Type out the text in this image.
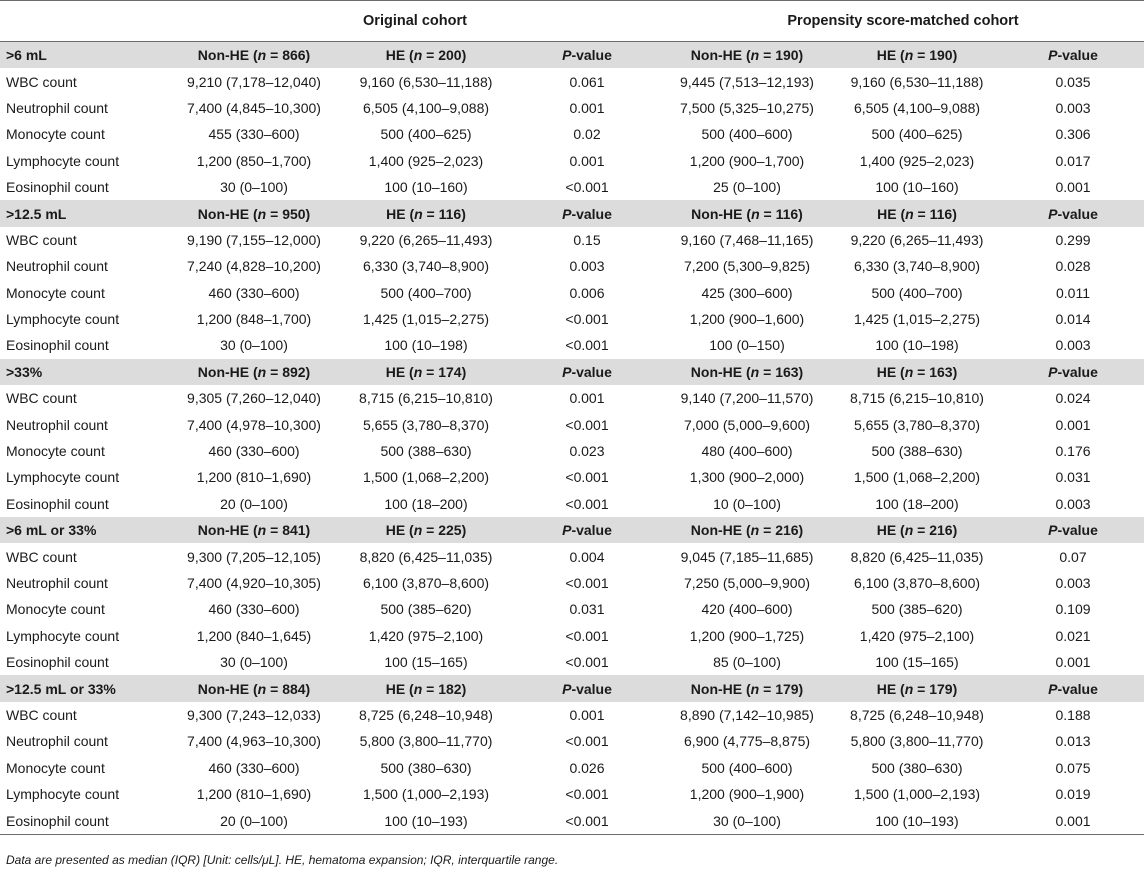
	Original cohort			Propensity score-matched cohort		
>6 mL	Non-HE (n = 866)	HE (n = 200)	P-value	Non-HE (n = 190)	HE (n = 190)	P-value
WBC count	9,210 (7,178–12,040)	9,160 (6,530–11,188)	0.061	9,445 (7,513–12,193)	9,160 (6,530–11,188)	0.035
Neutrophil count	7,400 (4,845–10,300)	6,505 (4,100–9,088)	0.001	7,500 (5,325–10,275)	6,505 (4,100–9,088)	0.003
Monocyte count	455 (330–600)	500 (400–625)	0.02	500 (400–600)	500 (400–625)	0.306
Lymphocyte count	1,200 (850–1,700)	1,400 (925–2,023)	0.001	1,200 (900–1,700)	1,400 (925–2,023)	0.017
Eosinophil count	30 (0–100)	100 (10–160)	<0.001	25 (0–100)	100 (10–160)	0.001
>12.5 mL	Non-HE (n = 950)	HE (n = 116)	P-value	Non-HE (n = 116)	HE (n = 116)	P-value
WBC count	9,190 (7,155–12,000)	9,220 (6,265–11,493)	0.15	9,160 (7,468–11,165)	9,220 (6,265–11,493)	0.299
Neutrophil count	7,240 (4,828–10,200)	6,330 (3,740–8,900)	0.003	7,200 (5,300–9,825)	6,330 (3,740–8,900)	0.028
Monocyte count	460 (330–600)	500 (400–700)	0.006	425 (300–600)	500 (400–700)	0.011
Lymphocyte count	1,200 (848–1,700)	1,425 (1,015–2,275)	<0.001	1,200 (900–1,600)	1,425 (1,015–2,275)	0.014
Eosinophil count	30 (0–100)	100 (10–198)	<0.001	100 (0–150)	100 (10–198)	0.003
>33%	Non-HE (n = 892)	HE (n = 174)	P-value	Non-HE (n = 163)	HE (n = 163)	P-value
WBC count	9,305 (7,260–12,040)	8,715 (6,215–10,810)	0.001	9,140 (7,200–11,570)	8,715 (6,215–10,810)	0.024
Neutrophil count	7,400 (4,978–10,300)	5,655 (3,780–8,370)	<0.001	7,000 (5,000–9,600)	5,655 (3,780–8,370)	0.001
Monocyte count	460 (330–600)	500 (388–630)	0.023	480 (400–600)	500 (388–630)	0.176
Lymphocyte count	1,200 (810–1,690)	1,500 (1,068–2,200)	<0.001	1,300 (900–2,000)	1,500 (1,068–2,200)	0.031
Eosinophil count	20 (0–100)	100 (18–200)	<0.001	10 (0–100)	100 (18–200)	0.003
>6 mL or 33%	Non-HE (n = 841)	HE (n = 225)	P-value	Non-HE (n = 216)	HE (n = 216)	P-value
WBC count	9,300 (7,205–12,105)	8,820 (6,425–11,035)	0.004	9,045 (7,185–11,685)	8,820 (6,425–11,035)	0.07
Neutrophil count	7,400 (4,920–10,305)	6,100 (3,870–8,600)	<0.001	7,250 (5,000–9,900)	6,100 (3,870–8,600)	0.003
Monocyte count	460 (330–600)	500 (385–620)	0.031	420 (400–600)	500 (385–620)	0.109
Lymphocyte count	1,200 (840–1,645)	1,420 (975–2,100)	<0.001	1,200 (900–1,725)	1,420 (975–2,100)	0.021
Eosinophil count	30 (0–100)	100 (15–165)	<0.001	85 (0–100)	100 (15–165)	0.001
>12.5 mL or 33%	Non-HE (n = 884)	HE (n = 182)	P-value	Non-HE (n = 179)	HE (n = 179)	P-value
WBC count	9,300 (7,243–12,033)	8,725 (6,248–10,948)	0.001	8,890 (7,142–10,985)	8,725 (6,248–10,948)	0.188
Neutrophil count	7,400 (4,963–10,300)	5,800 (3,800–11,770)	<0.001	6,900 (4,775–8,875)	5,800 (3,800–11,770)	0.013
Monocyte count	460 (330–600)	500 (380–630)	0.026	500 (400–600)	500 (380–630)	0.075
Lymphocyte count	1,200 (810–1,690)	1,500 (1,000–2,193)	<0.001	1,200 (900–1,900)	1,500 (1,000–2,193)	0.019
Eosinophil count	20 (0–100)	100 (10–193)	<0.001	30 (0–100)	100 (10–193)	0.001
Data are presented as median (IQR) [Unit: cells/μL]. HE, hematoma expansion; IQR, interquartile range.
